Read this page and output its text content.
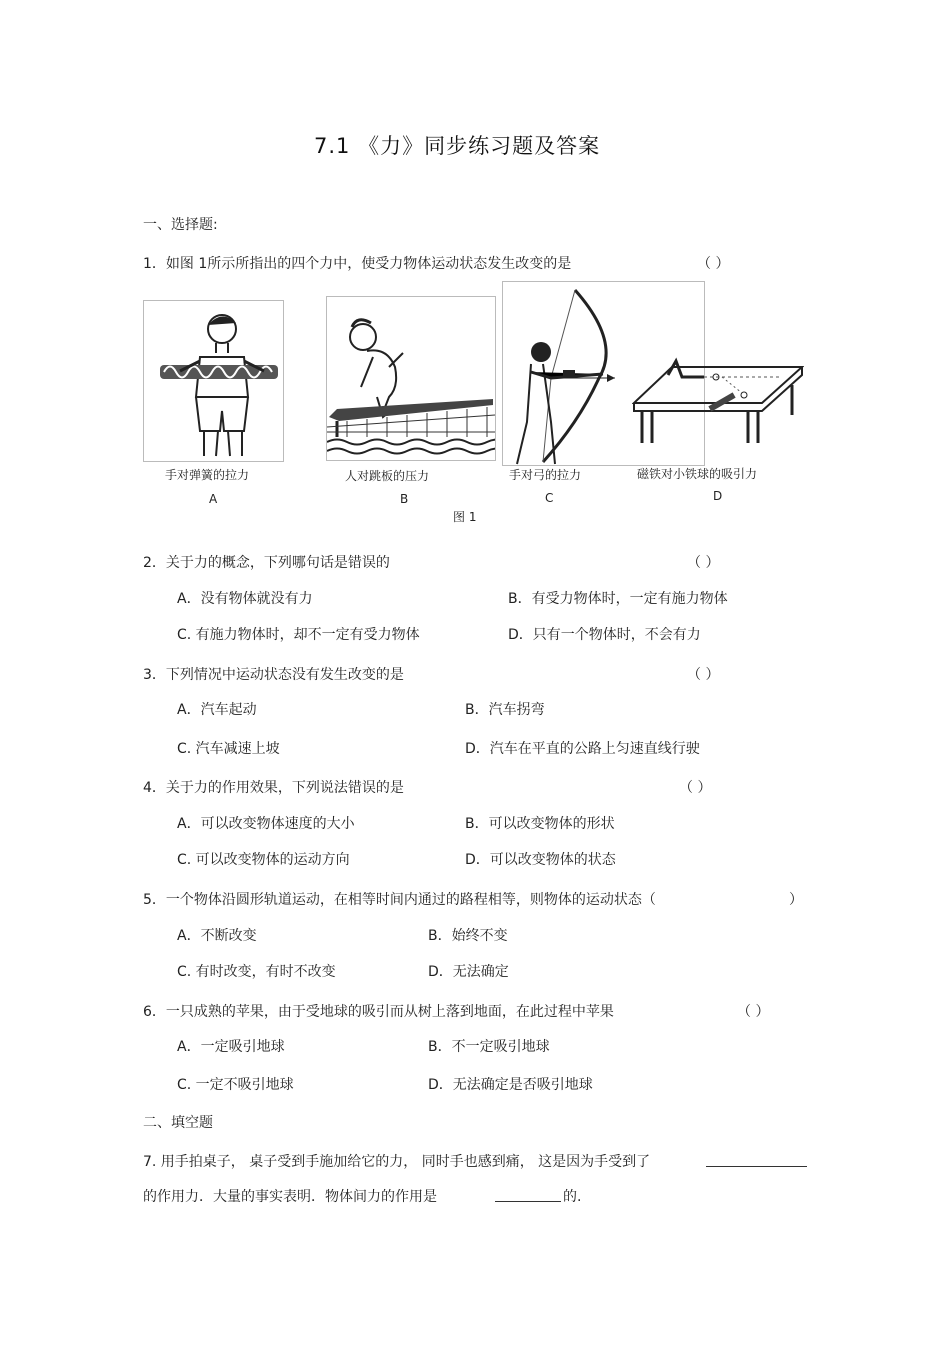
7.1 《力》同步练习题及答案
一、选择题:
1．如图 1所示所指出的四个力中，使受力物体运动状态发生改变的是	（ ）
手对弹簧的拉力
A
人对跳板的压力
B
手对弓的拉力
C
磁铁对小铁球的吸引力
D
图 1
2．关于力的概念，下列哪句话是错误的	（ ）
A．没有物体就没有力	B．有受力物体时，一定有施力物体
C. 有施力物体时，却不一定有受力物体	D．只有一个物体时，不会有力
3．下列情况中运动状态没有发生改变的是	（ ）
A．汽车起动	B．汽车拐弯
C. 汽车减速上坡	D．汽车在平直的公路上匀速直线行驶
4．关于力的作用效果，下列说法错误的是	（ ）
A．可以改变物体速度的大小	B．可以改变物体的形状
C. 可以改变物体的运动方向	D．可以改变物体的状态
5．一个物体沿圆形轨道运动，在相等时间内通过的路程相等，则物体的运动状态（	）
A．不断改变	B．始终不变
C. 有时改变，有时不改变	D．无法确定
6．一只成熟的苹果，由于受地球的吸引而从树上落到地面，在此过程中苹果	（ ）
A．一定吸引地球	B．不一定吸引地球
C. 一定不吸引地球	D．无法确定是否吸引地球
二、填空题
7. 用手拍桌子， 桌子受到手施加给它的力， 同时手也感到痛， 这是因为手受到了
的作用力．大量的事实表明．物体间力的作用是	的.
